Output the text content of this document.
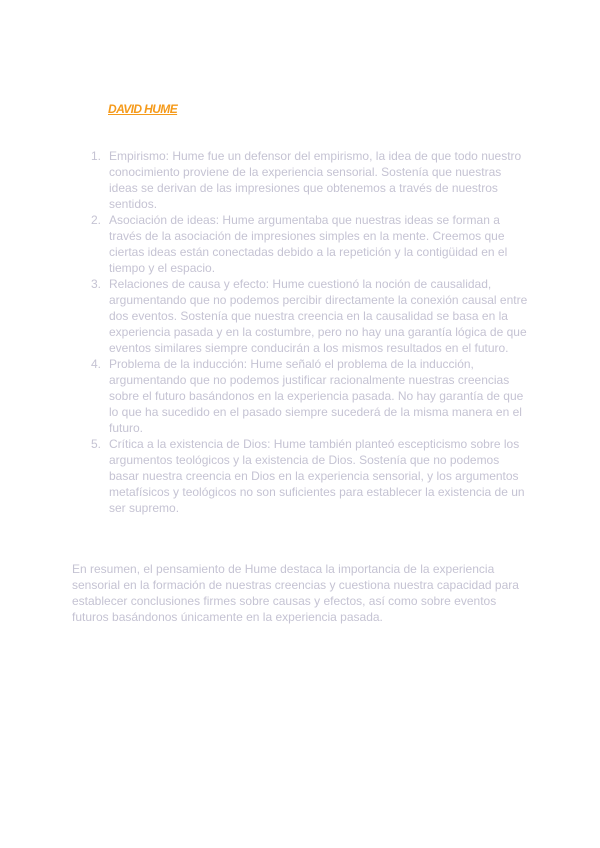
DAVID HUME
1. Empirismo: Hume fue un defensor del empirismo, la idea de que todo nuestro conocimiento proviene de la experiencia sensorial. Sostenía que nuestras ideas se derivan de las impresiones que obtenemos a través de nuestros sentidos.
2. Asociación de ideas: Hume argumentaba que nuestras ideas se forman a través de la asociación de impresiones simples en la mente. Creemos que ciertas ideas están conectadas debido a la repetición y la contigüidad en el tiempo y el espacio.
3. Relaciones de causa y efecto: Hume cuestionó la noción de causalidad, argumentando que no podemos percibir directamente la conexión causal entre dos eventos. Sostenía que nuestra creencia en la causalidad se basa en la experiencia pasada y en la costumbre, pero no hay una garantía lógica de que eventos similares siempre conducirán a los mismos resultados en el futuro.
4. Problema de la inducción: Hume señaló el problema de la inducción, argumentando que no podemos justificar racionalmente nuestras creencias sobre el futuro basándonos en la experiencia pasada. No hay garantía de que lo que ha sucedido en el pasado siempre sucederá de la misma manera en el futuro.
5. Crítica a la existencia de Dios: Hume también planteó escepticismo sobre los argumentos teológicos y la existencia de Dios. Sostenía que no podemos basar nuestra creencia en Dios en la experiencia sensorial, y los argumentos metafísicos y teológicos no son suficientes para establecer la existencia de un ser supremo.

En resumen, el pensamiento de Hume destaca la importancia de la experiencia sensorial en la formación de nuestras creencias y cuestiona nuestra capacidad para establecer conclusiones firmes sobre causas y efectos, así como sobre eventos futuros basándonos únicamente en la experiencia pasada.
